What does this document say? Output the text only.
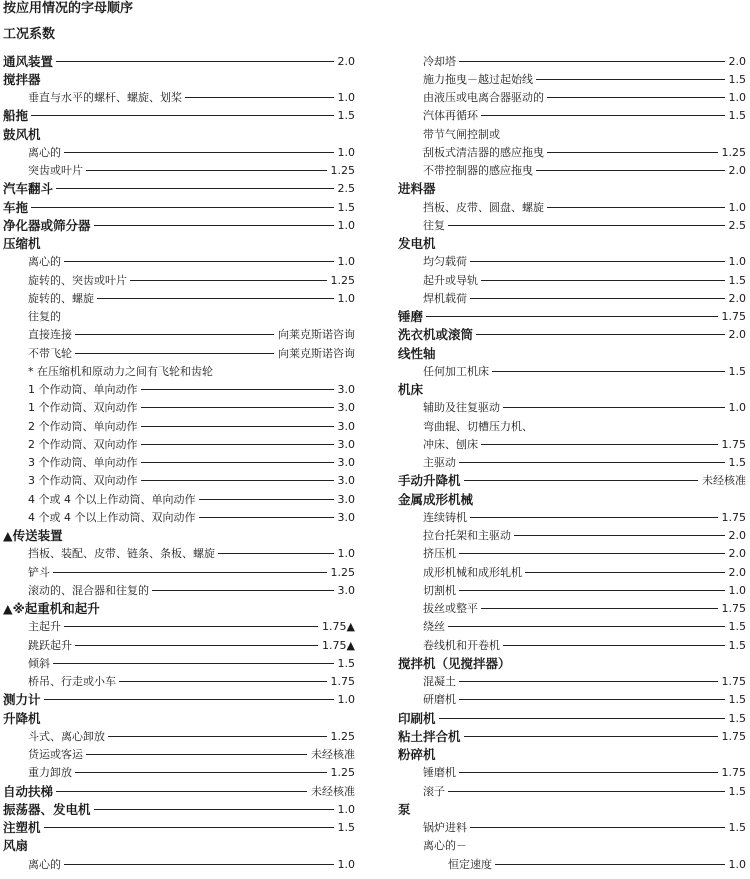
按应用情况的字母顺序
工况系数
通风装置	2.0
搅拌器
垂直与水平的螺杆、螺旋、划桨	1.0
船拖	1.5
鼓风机
离心的	1.0
突齿或叶片	1.25
汽车翻斗	2.5
车拖	1.5
净化器或筛分器	1.0
压缩机
离心的	1.0
旋转的、突齿或叶片	1.25
旋转的、螺旋	1.0
往复的
直接连接	向莱克斯诺咨询
不带飞轮	向莱克斯诺咨询
* 在压缩机和原动力之间有飞轮和齿轮
1 个作动筒、单向动作	3.0
1 个作动筒、双向动作	3.0
2 个作动筒、单向动作	3.0
2 个作动筒、双向动作	3.0
3 个作动筒、单向动作	3.0
3 个作动筒、双向动作	3.0
4 个或 4 个以上作动筒、单向动作	3.0
4 个或 4 个以上作动筒、双向动作	3.0
▲传送装置
挡板、装配、皮带、链条、条板、螺旋	1.0
铲斗	1.25
滚动的、混合器和往复的	3.0
▲※起重机和起升
主起升	1.75▲
跳跃起升	1.75▲
倾斜	1.5
桥吊、行走或小车	1.75
测力计	1.0
升降机
斗式、离心卸放	1.25
货运或客运	未经核准
重力卸放	1.25
自动扶梯	未经核准
振荡器、发电机	1.0
注塑机	1.5
风扇
离心的	1.0
冷却塔	2.0
施力拖曳－越过起始线	1.5
由液压或电离合器驱动的	1.0
汽体再循环	1.5
带节气闸控制或
刮板式清洁器的感应拖曳	1.25
不带控制器的感应拖曳	2.0
进料器
挡板、皮带、圆盘、螺旋	1.0
往复	2.5
发电机
均匀载荷	1.0
起升或导轨	1.5
焊机载荷	2.0
锤磨	1.75
洗衣机或滚筒	2.0
线性轴
任何加工机床	1.5
机床
辅助及往复驱动	1.0
弯曲辊、切槽压力机、
冲床、刨床	1.75
主驱动	1.5
手动升降机	未经核准
金属成形机械
连续铸机	1.75
拉台托架和主驱动	2.0
挤压机	2.0
成形机械和成形轧机	2.0
切割机	1.0
拔丝或整平	1.75
绕丝	1.5
卷线机和开卷机	1.5
搅拌机（见搅拌器）
混凝土	1.75
研磨机	1.5
印刷机	1.5
粘土拌合机	1.75
粉碎机
锤磨机	1.75
滚子	1.5
泵
锅炉进料	1.5
离心的－
恒定速度	1.0
